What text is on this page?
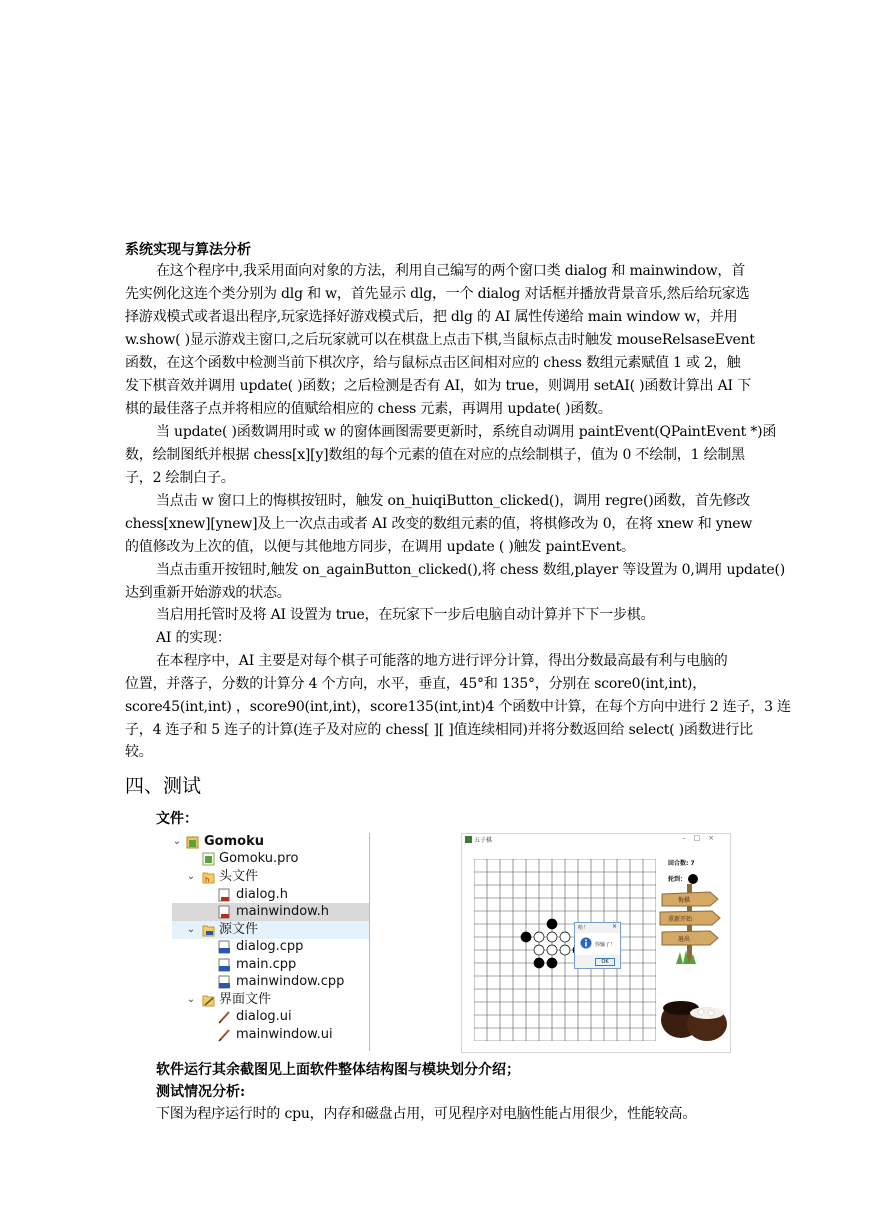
系统实现与算法分析
在这个程序中,我采用面向对象的方法，利用自己编写的两个窗口类 dialog 和 mainwindow，首
先实例化这连个类分别为 dlg 和 w，首先显示 dlg，一个 dialog 对话框并播放背景音乐,然后给玩家选
择游戏模式或者退出程序,玩家选择好游戏模式后，把 dlg 的 AI 属性传递给 main window w，并用
w.show( )显示游戏主窗口,之后玩家就可以在棋盘上点击下棋,当鼠标点击时触发 mouseRelsaseEvent
函数，在这个函数中检测当前下棋次序，给与鼠标点击区间相对应的 chess 数组元素赋值 1 或 2，触
发下棋音效并调用 update( )函数；之后检测是否有 AI，如为 true，则调用 setAI( )函数计算出 AI 下
棋的最佳落子点并将相应的值赋给相应的 chess 元素，再调用 update( )函数。
当 update( )函数调用时或 w 的窗体画图需要更新时，系统自动调用 paintEvent(QPaintEvent *)函
数，绘制图纸并根据 chess[x][y]数组的每个元素的值在对应的点绘制棋子，值为 0 不绘制，1 绘制黑
子，2 绘制白子。
当点击 w 窗口上的悔棋按钮时，触发 on_huiqiButton_clicked()，调用 regre()函数，首先修改
chess[xnew][ynew]及上一次点击或者 AI 改变的数组元素的值，将棋修改为 0，在将 xnew 和 ynew
的值修改为上次的值，以便与其他地方同步，在调用 update ( )触发 paintEvent。
当点击重开按钮时,触发 on_againButton_clicked(),将 chess 数组,player 等设置为 0,调用 update()
达到重新开始游戏的状态。
当启用托管时及将 AI 设置为 true，在玩家下一步后电脑自动计算并下下一步棋。
AI 的实现：
在本程序中，AI 主要是对每个棋子可能落的地方进行评分计算，得出分数最高最有利与电脑的
位置，并落子，分数的计算分 4 个方向，水平，垂直，45°和 135°，分别在 score0(int,int)，
score45(int,int) ，score90(int,int)，score135(int,int)4 个函数中计算，在每个方向中进行 2 连子，3 连
子，4 连子和 5 连子的计算(连子及对应的 chess[ ][ ]值连续相同)并将分数返回给 select( )函数进行比
较。
四、测试
文件：
⌄ Gomoku
Gomoku.pro
⌄ h 头文件
dialog.h
mainwindow.h
⌄ 源文件
dialog.cpp
main.cpp
mainwindow.cpp
⌄ 界面文件
dialog.ui
mainwindow.ui
五子棋	–□×
回合数: 7
轮到：
悔棋
重新开始
退出
哈！	×
你输了！
OK
软件运行其余截图见上面软件整体结构图与模块划分介绍；
测试情况分析:
下图为程序运行时的 cpu，内存和磁盘占用，可见程序对电脑性能占用很少，性能较高。
